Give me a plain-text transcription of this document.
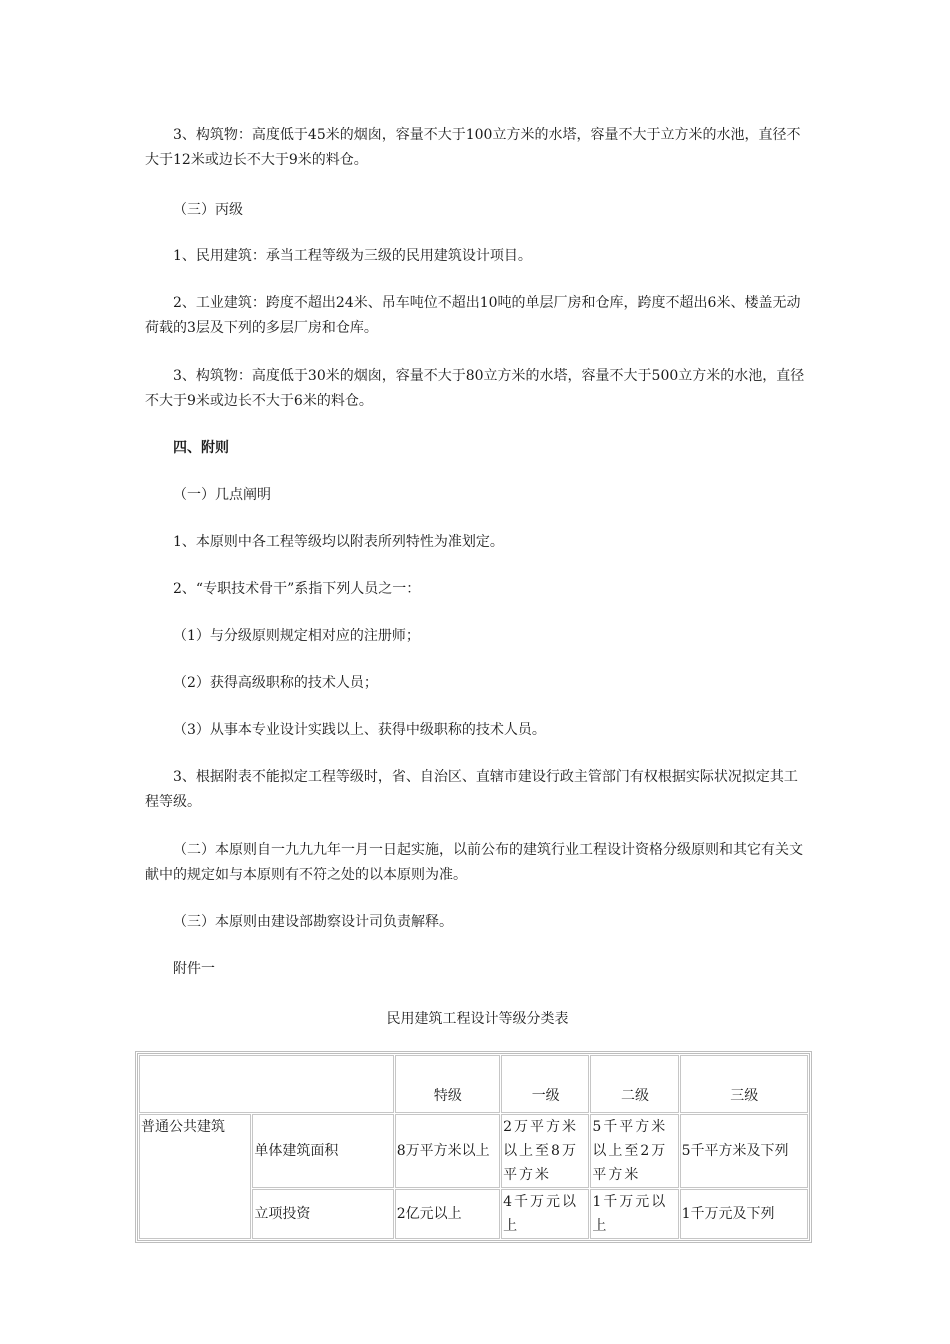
3、构筑物：高度低于45米的烟囱，容量不大于100立方米的水塔，容量不大于立方米的水池，直径不大于12米或边长不大于9米的料仓。

（三）丙级

1、民用建筑：承当工程等级为三级的民用建筑设计项目。

2、工业建筑：跨度不超出24米、吊车吨位不超出10吨的单层厂房和仓库，跨度不超出6米、楼盖无动荷载的3层及下列的多层厂房和仓库。

3、构筑物：高度低于30米的烟囱，容量不大于80立方米的水塔，容量不大于500立方米的水池，直径不大于9米或边长不大于6米的料仓。

四、附则

（一）几点阐明

1、本原则中各工程等级均以附表所列特性为准划定。

2、“专职技术骨干”系指下列人员之一：

（1）与分级原则规定相对应的注册师；

（2）获得高级职称的技术人员；

（3）从事本专业设计实践以上、获得中级职称的技术人员。

3、根据附表不能拟定工程等级时，省、自治区、直辖市建设行政主管部门有权根据实际状况拟定其工程等级。

（二）本原则自一九九九年一月一日起实施，以前公布的建筑行业工程设计资格分级原则和其它有关文献中的规定如与本原则有不符之处的以本原则为准。

（三）本原则由建设部勘察设计司负责解释。

附件一

民用建筑工程设计等级分类表
		特级	一级	二级	三级
普通公共建筑	单体建筑面积	8万平方米以上	2万平方米以上至8万平方米	5千平方米以上至2万平方米	5千平方米及下列
	立项投资	2亿元以上	4千万元以上	1千万元以上	1千万元及下列
